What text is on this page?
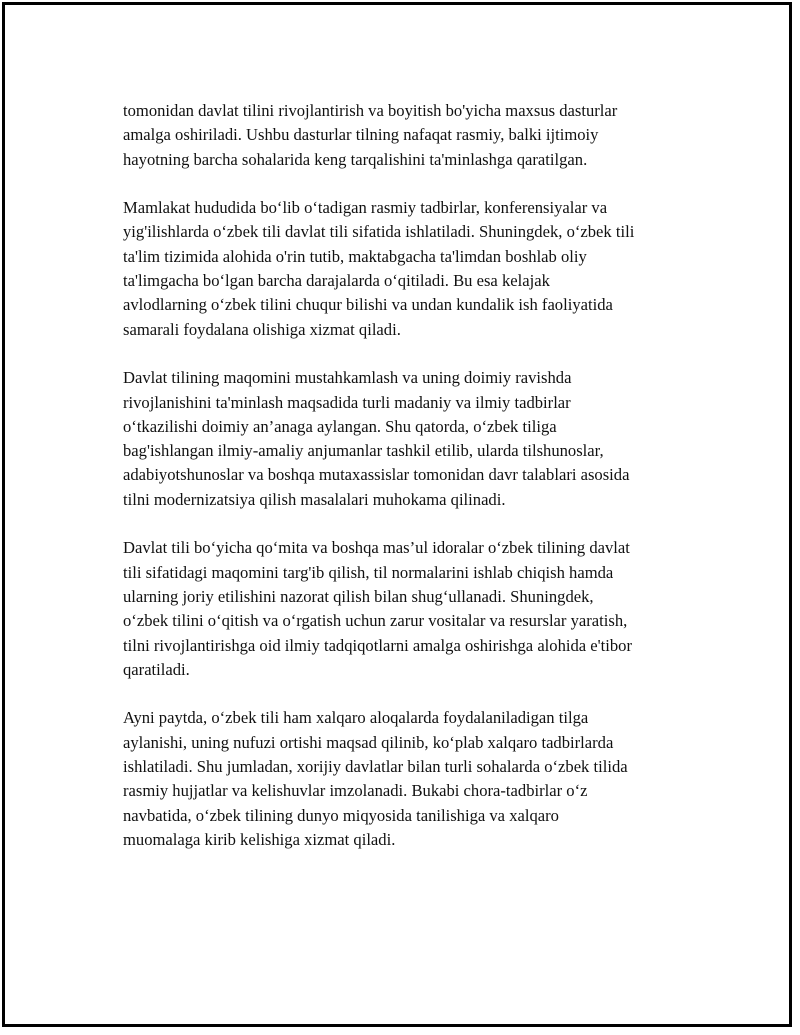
tomonidan davlat tilini rivojlantirish va boyitish bo'yicha maxsus dasturlar
amalga oshiriladi. Ushbu dasturlar tilning nafaqat rasmiy, balki ijtimoiy
hayotning barcha sohalarida keng tarqalishini ta'minlashga qaratilgan.

Mamlakat hududida bo‘lib o‘tadigan rasmiy tadbirlar, konferensiyalar va
yig'ilishlarda o‘zbek tili davlat tili sifatida ishlatiladi. Shuningdek, o‘zbek tili
ta'lim tizimida alohida o'rin tutib, maktabgacha ta'limdan boshlab oliy
ta'limgacha bo‘lgan barcha darajalarda o‘qitiladi. Bu esa kelajak
avlodlarning o‘zbek tilini chuqur bilishi va undan kundalik ish faoliyatida
samarali foydalana olishiga xizmat qiladi.

Davlat tilining maqomini mustahkamlash va uning doimiy ravishda
rivojlanishini ta'minlash maqsadida turli madaniy va ilmiy tadbirlar
o‘tkazilishi doimiy an’anaga aylangan. Shu qatorda, o‘zbek tiliga
bag'ishlangan ilmiy-amaliy anjumanlar tashkil etilib, ularda tilshunoslar,
adabiyotshunoslar va boshqa mutaxassislar tomonidan davr talablari asosida
tilni modernizatsiya qilish masalalari muhokama qilinadi.

Davlat tili bo‘yicha qo‘mita va boshqa mas’ul idoralar o‘zbek tilining davlat
tili sifatidagi maqomini targ'ib qilish, til normalarini ishlab chiqish hamda
ularning joriy etilishini nazorat qilish bilan shug‘ullanadi. Shuningdek,
o‘zbek tilini o‘qitish va o‘rgatish uchun zarur vositalar va resurslar yaratish,
tilni rivojlantirishga oid ilmiy tadqiqotlarni amalga oshirishga alohida e'tibor
qaratiladi.

Ayni paytda, o‘zbek tili ham xalqaro aloqalarda foydalaniladigan tilga
aylanishi, uning nufuzi ortishi maqsad qilinib, ko‘plab xalqaro tadbirlarda
ishlatiladi. Shu jumladan, xorijiy davlatlar bilan turli sohalarda o‘zbek tilida
rasmiy hujjatlar va kelishuvlar imzolanadi. Bukabi chora-tadbirlar o‘z
navbatida, o‘zbek tilining dunyo miqyosida tanilishiga va xalqaro
muomalaga kirib kelishiga xizmat qiladi.
